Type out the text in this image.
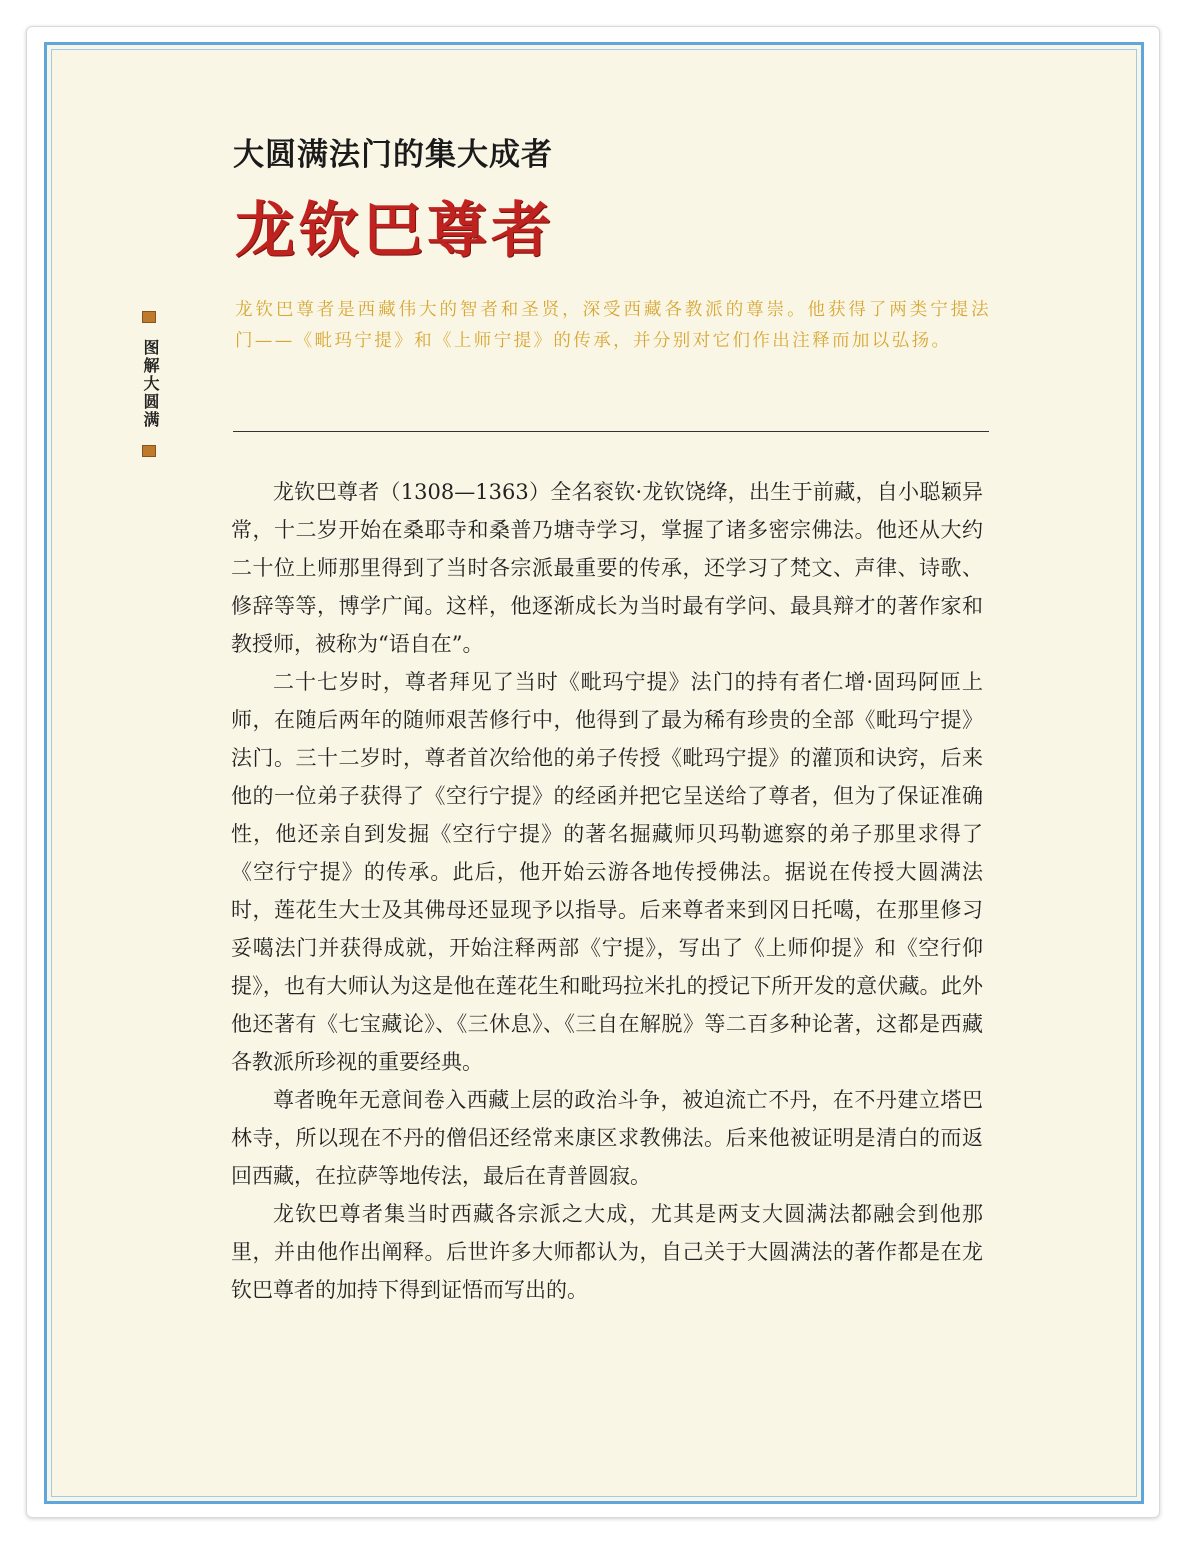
大圆满法门的集大成者
龙钦巴尊者
龙钦巴尊者是西藏伟大的智者和圣贤，深受西藏各教派的尊崇。他获得了两类宁提法门——《毗玛宁提》和《上师宁提》的传承，并分别对它们作出注释而加以弘扬。
图解大圆满

龙钦巴尊者（1308—1363）全名衮钦·龙钦饶绛，出生于前藏，自小聪颖异常，十二岁开始在桑耶寺和桑普乃塘寺学习，掌握了诸多密宗佛法。他还从大约二十位上师那里得到了当时各宗派最重要的传承，还学习了梵文、声律、诗歌、修辞等等，博学广闻。这样，他逐渐成长为当时最有学问、最具辩才的著作家和教授师，被称为“语自在”。

二十七岁时，尊者拜见了当时《毗玛宁提》法门的持有者仁增·固玛阿匝上师，在随后两年的随师艰苦修行中，他得到了最为稀有珍贵的全部《毗玛宁提》法门。三十二岁时，尊者首次给他的弟子传授《毗玛宁提》的灌顶和诀窍，后来他的一位弟子获得了《空行宁提》的经函并把它呈送给了尊者，但为了保证准确性，他还亲自到发掘《空行宁提》的著名掘藏师贝玛勒遮察的弟子那里求得了《空行宁提》的传承。此后，他开始云游各地传授佛法。据说在传授大圆满法时，莲花生大士及其佛母还显现予以指导。后来尊者来到冈日托噶，在那里修习妥噶法门并获得成就，开始注释两部《宁提》，写出了《上师仰提》和《空行仰提》，也有大师认为这是他在莲花生和毗玛拉米扎的授记下所开发的意伏藏。此外他还著有《七宝藏论》、《三休息》、《三自在解脱》等二百多种论著，这都是西藏各教派所珍视的重要经典。

尊者晚年无意间卷入西藏上层的政治斗争，被迫流亡不丹，在不丹建立塔巴林寺，所以现在不丹的僧侣还经常来康区求教佛法。后来他被证明是清白的而返回西藏，在拉萨等地传法，最后在青普圆寂。

龙钦巴尊者集当时西藏各宗派之大成，尤其是两支大圆满法都融会到他那里，并由他作出阐释。后世许多大师都认为，自己关于大圆满法的著作都是在龙钦巴尊者的加持下得到证悟而写出的。
